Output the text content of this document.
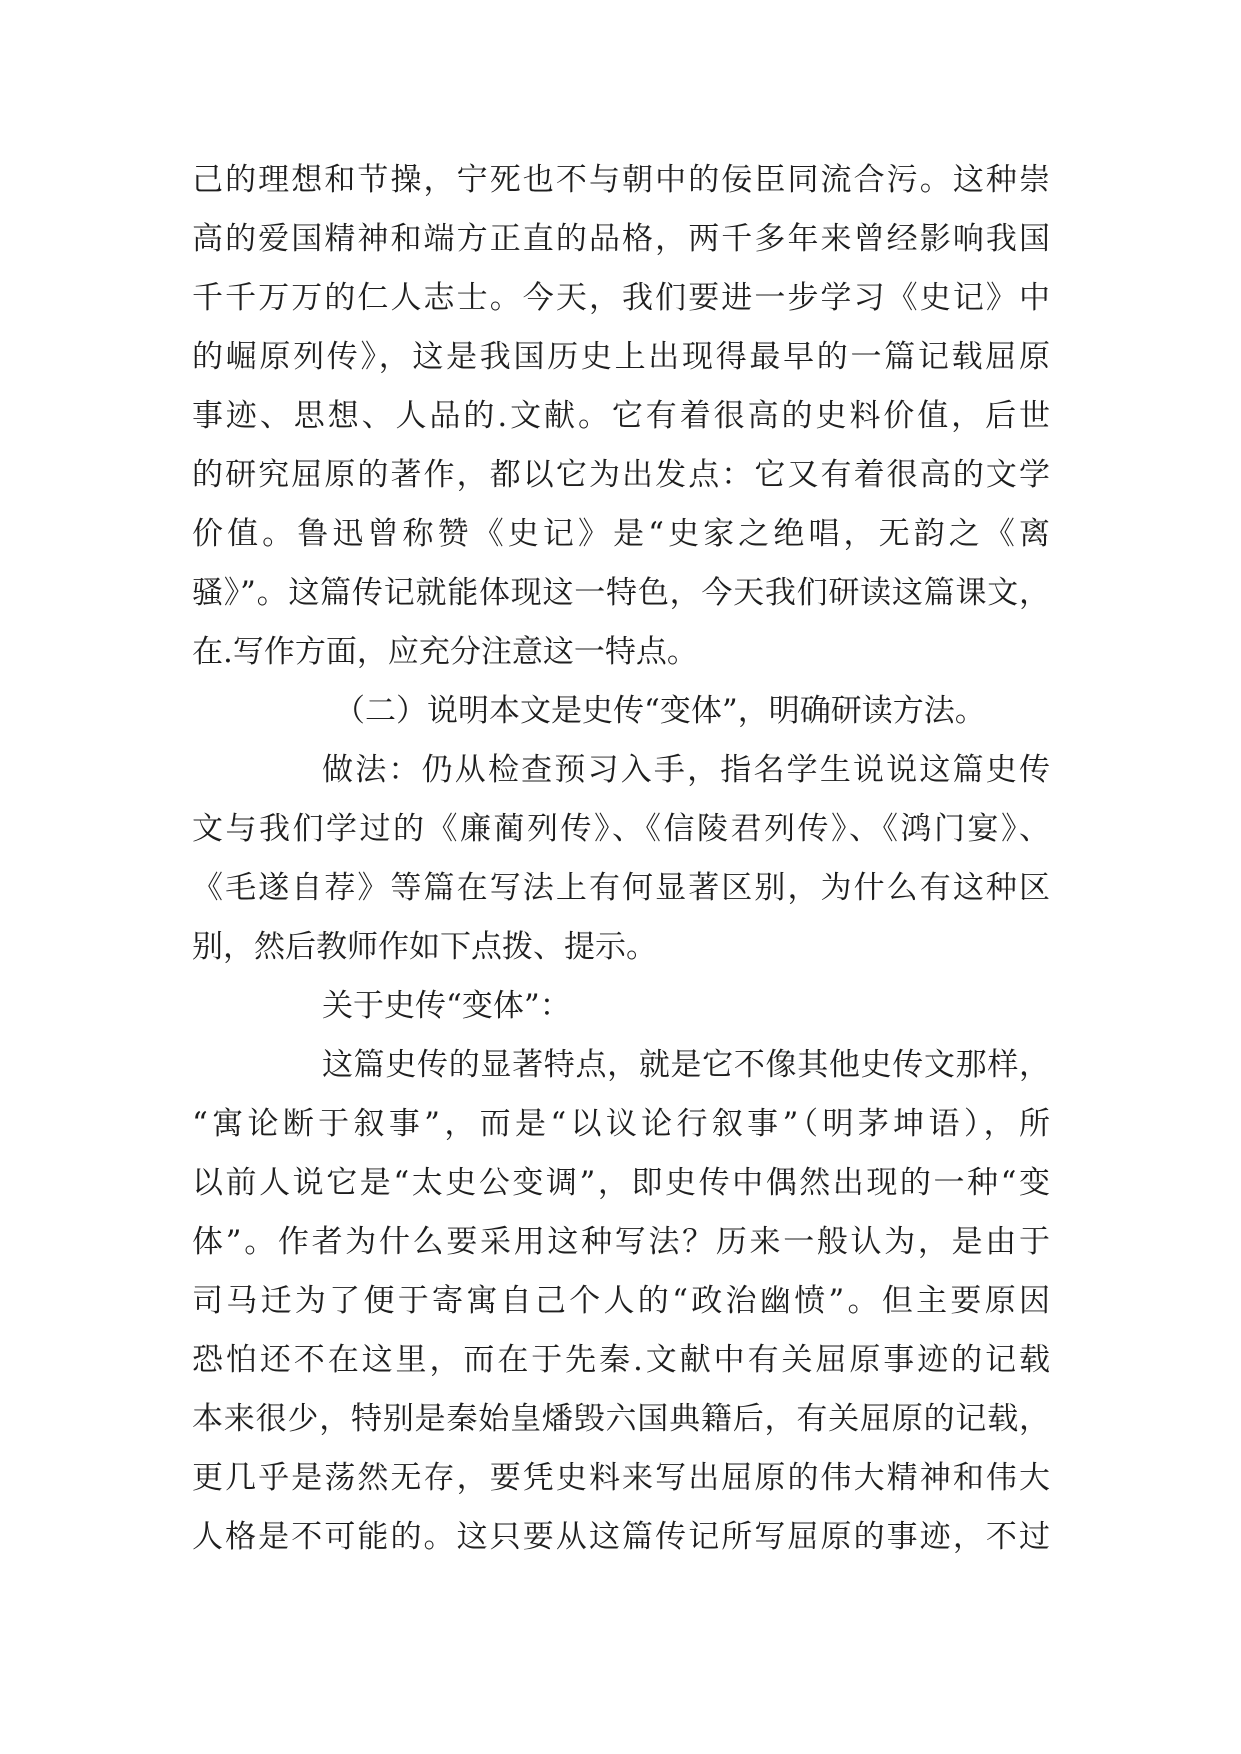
己的理想和节操，宁死也不与朝中的佞臣同流合污。这种崇
高的爱国精神和端方正直的品格，两千多年来曾经影响我国
千千万万的仁人志士。今天，我们要进一步学习《史记》中
的崛原列传》，这是我国历史上出现得最早的一篇记载屈原
事迹、思想、人品的.文献。它有着很高的史料价值，后世
的研究屈原的著作，都以它为出发点：它又有着很高的文学
价值。鲁迅曾称赞《史记》是“史家之绝唱，无韵之《离
骚》”。这篇传记就能体现这一特色，今天我们研读这篇课文，
在.写作方面，应充分注意这一特点。
（二）说明本文是史传“变体”，明确研读方法。
做法：仍从检查预习入手，指名学生说说这篇史传
文与我们学过的《廉蔺列传》、《信陵君列传》、《鸿门宴》、
《毛遂自荐》等篇在写法上有何显著区别，为什么有这种区
别，然后教师作如下点拨、提示。
关于史传“变体”：
这篇史传的显著特点，就是它不像其他史传文那样，
“寓论断于叙事”，而是“以议论行叙事”（明茅坤语），所
以前人说它是“太史公变调”，即史传中偶然出现的一种“变
体”。作者为什么要采用这种写法？历来一般认为，是由于
司马迁为了便于寄寓自己个人的“政治幽愤”。但主要原因
恐怕还不在这里，而在于先秦.文献中有关屈原事迹的记载
本来很少，特别是秦始皇燔毁六国典籍后，有关屈原的记载，
更几乎是荡然无存，要凭史料来写出屈原的伟大精神和伟大
人格是不可能的。这只要从这篇传记所写屈原的事迹，不过
